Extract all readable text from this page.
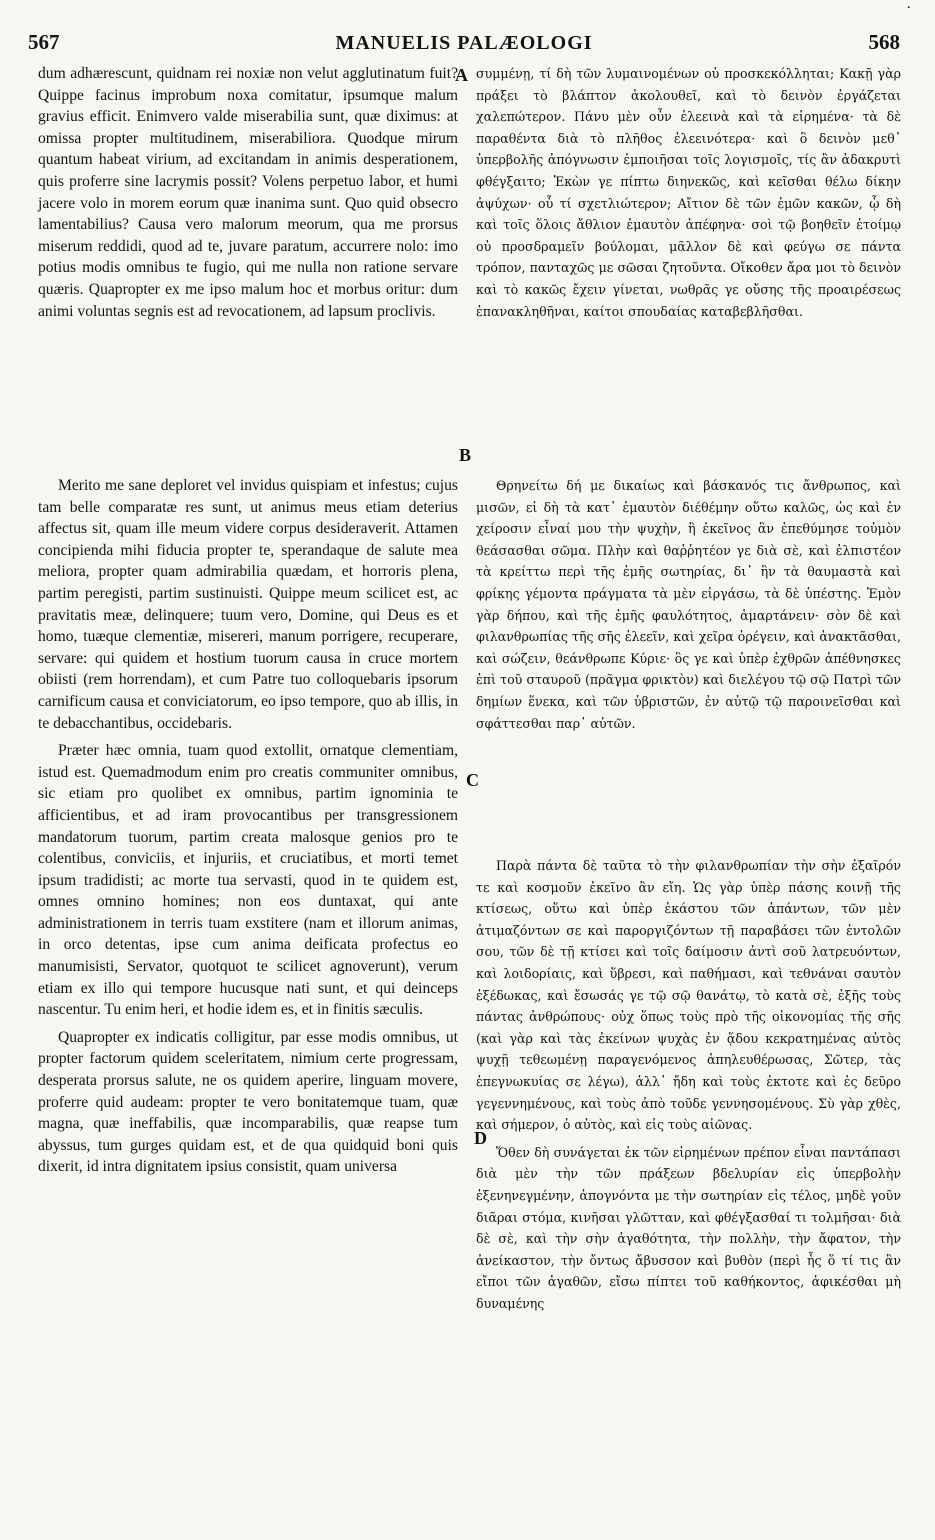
·
567	MANUELIS PALÆOLOGI	568

dum adhærescunt, quidnam rei noxiæ non velut agglutinatum fuit? Quippe facinus improbum noxa comitatur, ipsumque malum gravius efficit. Enimvero valde miserabilia sunt, quæ diximus: at omissa propter multitudinem, miserabiliora. Quodque mirum quantum habeat virium, ad excitandam in animis desperationem, quis proferre sine lacrymis possit? Volens perpetuo labor, et humi jacere volo in morem eorum quæ inanima sunt. Quo quid obsecro lamentabilius? Causa vero malorum meorum, qua me prorsus miserum reddidi, quod ad te, juvare paratum, accurrere nolo: imo potius modis omnibus te fugio, qui me nulla non ratione servare quæris. Quapropter ex me ipso malum hoc et morbus oritur: dum animi voluntas segnis est ad revocationem, ad lapsum proclivis.

Merito me sane deploret vel invidus quispiam et infestus; cujus tam belle comparatæ res sunt, ut animus meus etiam deterius affectus sit, quam ille meum videre corpus desideraverit. Attamen concipienda mihi fiducia propter te, sperandaque de salute mea meliora, propter quam admirabilia quædam, et horroris plena, partim peregisti, partim sustinuisti. Quippe meum scilicet est, ac pravitatis meæ, delinquere; tuum vero, Domine, qui Deus es et homo, tuæque clementiæ, misereri, manum porrigere, recuperare, servare: qui quidem et hostium tuorum causa in cruce mortem obiisti (rem horrendam), et cum Patre tuo colloquebaris ipsorum carnificum causa et conviciatorum, eo ipso tempore, quo ab illis, in te debacchantibus, occidebaris.

Præter hæc omnia, tuam quod extollit, ornatque clementiam, istud est. Quemadmodum enim pro creatis communiter omnibus, sic etiam pro quolibet ex omnibus, partim ignominia te afficientibus, et ad iram provocantibus per transgressionem mandatorum tuorum, partim creata malosque genios pro te colentibus, conviciis, et injuriis, et cruciatibus, et morti temet ipsum tradidisti; ac morte tua servasti, quod in te quidem est, omnes omnino homines; non eos duntaxat, qui ante administrationem in terris tuam exstitere (nam et illorum animas, in orco detentas, ipse cum anima deificata profectus eo manumisisti, Servator, quotquot te scilicet agnoverunt), verum etiam ex illo qui tempore hucusque nati sunt, et qui deinceps nascentur. Tu enim heri, et hodie idem es, et in finitis sæculis.

Quapropter ex indicatis colligitur, par esse modis omnibus, ut propter factorum quidem sceleritatem, nimium certe progressam, desperata prorsus salute, ne os quidem aperire, linguam movere, proferre quid audeam: propter te vero bonitatemque tuam, quæ magna, quæ ineffabilis, quæ incomparabilis, quæ reapse tum abyssus, tum gurges quidam est, et de qua quidquid boni quis dixerit, id intra dignitatem ipsius consistit, quam universa

συμμένῃ, τί δὴ τῶν λυμαινομένων οὐ προσκεκόλληται; Κακῇ γὰρ πράξει τὸ βλάπτον ἀκολουθεῖ, καὶ τὸ δεινὸν ἐργάζεται χαλεπώτερον. Πάνυ μὲν οὖν ἐλεεινὰ καὶ τὰ εἰρημένα· τὰ δὲ παραθέντα διὰ τὸ πλῆθος ἐλεεινότερα· καὶ ὃ δεινὸν μεθ᾽ ὑπερβολῆς ἀπόγνωσιν ἐμποιῆσαι τοῖς λογισμοῖς, τίς ἂν ἀδακρυτὶ φθέγξαιτο; Ἑκὼν γε πίπτω διηνεκῶς, καὶ κεῖσθαι θέλω δίκην ἀψύχων· οὗ τί σχετλιώτερον; Αἴτιον δὲ τῶν ἐμῶν κακῶν, ᾧ δὴ καὶ τοῖς ὅλοις ἄθλιον ἐμαυτὸν ἀπέφηνα· σοὶ τῷ βοηθεῖν ἑτοίμῳ οὐ προσδραμεῖν βούλομαι, μᾶλλον δὲ καὶ φεύγω σε πάντα τρόπον, πανταχῶς με σῶσαι ζητοῦντα. Οἴκοθεν ἄρα μοι τὸ δεινὸν καὶ τὸ κακῶς ἔχειν γίνεται, νωθρᾶς γε οὔσης τῆς προαιρέσεως ἐπανακληθῆναι, καίτοι σπουδαίας καταβεβλῆσθαι.

Θρηνείτω δή με δικαίως καὶ βάσκανός τις ἄνθρωπος, καὶ μισῶν, εἰ δὴ τὰ κατ᾽ ἐμαυτὸν διέθέμην οὕτω καλῶς, ὡς καὶ ἐν χείροσιν εἶναί μου τὴν ψυχὴν, ἢ ἐκεῖνος ἂν ἐπεθύμησε τοὐμὸν θεάσασθαι σῶμα. Πλὴν καὶ θαῤῥητέον γε διὰ σὲ, καὶ ἐλπιστέον τὰ κρείττω περὶ τῆς ἐμῆς σωτηρίας, δι᾽ ἣν τὰ θαυμαστὰ καὶ φρίκης γέμοντα πράγματα τὰ μὲν εἰργάσω, τὰ δὲ ὑπέστης. Ἐμὸν γὰρ δήπου, καὶ τῆς ἐμῆς φαυλότητος, ἁμαρτάνειν· σὸν δὲ καὶ φιλανθρωπίας τῆς σῆς ἐλεεῖν, καὶ χεῖρα ὀρέγειν, καὶ ἀνακτᾶσθαι, καὶ σώζειν, θεάνθρωπε Κύριε· ὃς γε καὶ ὑπὲρ ἐχθρῶν ἀπέθνησκες ἐπὶ τοῦ σταυροῦ (πρᾶγμα φρικτὸν) καὶ διελέγου τῷ σῷ Πατρὶ τῶν δημίων ἕνεκα, καὶ τῶν ὑβριστῶν, ἐν αὐτῷ τῷ παροινεῖσθαι καὶ σφάττεσθαι παρ᾽ αὐτῶν.

Παρὰ πάντα δὲ ταῦτα τὸ τὴν φιλανθρωπίαν τὴν σὴν ἐξαῖρόν τε καὶ κοσμοῦν ἐκεῖνο ἂν εἴη. Ὡς γὰρ ὑπὲρ πάσης κοινῇ τῆς κτίσεως, οὕτω καὶ ὑπὲρ ἑκάστου τῶν ἁπάντων, τῶν μὲν ἀτιμαζόντων σε καὶ παροργιζόντων τῇ παραβάσει τῶν ἐντολῶν σου, τῶν δὲ τῇ κτίσει καὶ τοῖς δαίμοσιν ἀντὶ σοῦ λατρευόντων, καὶ λοιδορίαις, καὶ ὕβρεσι, καὶ παθήμασι, καὶ τεθνάναι σαυτὸν ἐξέδωκας, καὶ ἔσωσάς γε τῷ σῷ θανάτῳ, τὸ κατὰ σὲ, ἐξῆς τοὺς πάντας ἀνθρώπους· οὐχ ὅπως τοὺς πρὸ τῆς οἰκονομίας τῆς σῆς (καὶ γὰρ καὶ τὰς ἐκείνων ψυχὰς ἐν ᾅδου κεκρατημένας αὐτὸς ψυχῇ τεθεωμένῃ παραγενόμενος ἀπηλευθέρωσας, Σῶτερ, τὰς ἐπεγνωκυίας σε λέγω), ἀλλ᾽ ἤδη καὶ τοὺς ἐκτοτε καὶ ἐς δεῦρο γεγεννημένους, καὶ τοὺς ἀπὸ τοῦδε γεννησομένους. Σὺ γὰρ χθὲς, καὶ σήμερον, ὁ αὐτὸς, καὶ εἰς τοὺς αἰῶνας.

Ὅθεν δὴ συνάγεται ἐκ τῶν εἰρημένων πρέπον εἶναι παντάπασι διὰ μὲν τὴν τῶν πράξεων βδελυρίαν εἰς ὑπερβολὴν ἐξενηνεγμένην, ἀπογνόντα με τὴν σωτηρίαν εἰς τέλος, μηδὲ γοῦν διᾶραι στόμα, κινῆσαι γλῶτταν, καὶ φθέγξασθαί τι τολμῆσαι· διὰ δὲ σὲ, καὶ τὴν σὴν ἀγαθότητα, τὴν πολλὴν, τὴν ἄφατον, τὴν ἀνείκαστον, τὴν ὄντως ἄβυσσον καὶ βυθὸν (περὶ ἧς ὅ τί τις ἂν εἴποι τῶν ἀγαθῶν, εἴσω πίπτει τοῦ καθήκοντος, ἀφικέσθαι μὴ δυναμένης

A
B
C
D
